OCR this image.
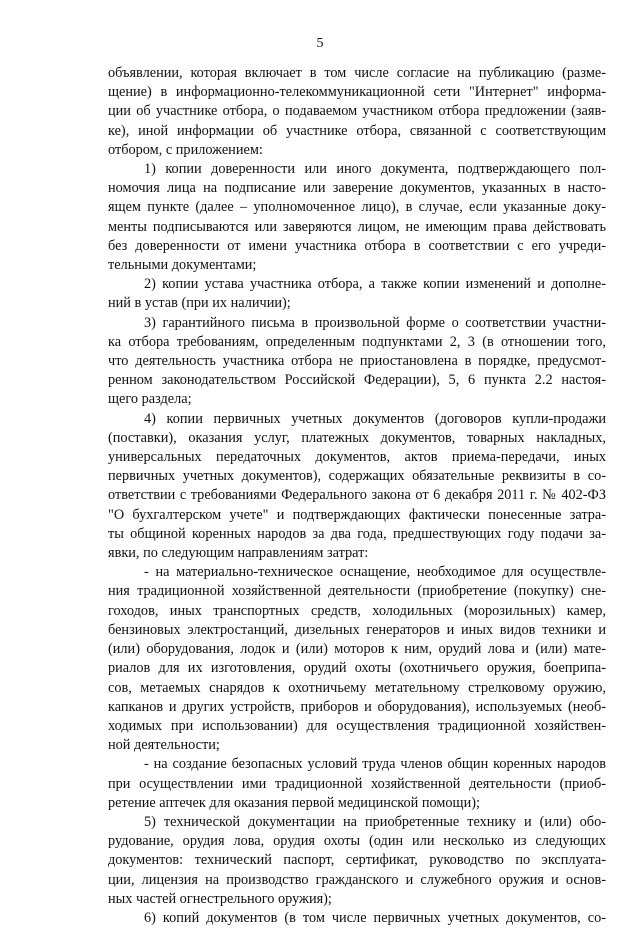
5
объявлении, которая включает в том числе согласие на публикацию (разме-
щение) в информационно-телекоммуникационной сети "Интернет" информа-
ции об участнике отбора, о подаваемом участником отбора предложении (заяв-
ке), иной информации об участнике отбора, связанной с соответствующим
отбором, с приложением:
1) копии доверенности или иного документа, подтверждающего пол-
номочия лица на подписание или заверение документов, указанных в насто-
ящем пункте (далее – уполномоченное лицо), в случае, если указанные доку-
менты подписываются или заверяются лицом, не имеющим права действовать
без доверенности от имени участника отбора в соответствии с его учреди-
тельными документами;
2) копии устава участника отбора, а также копии изменений и дополне-
ний в устав (при их наличии);
3) гарантийного письма в произвольной форме о соответствии участни-
ка отбора требованиям, определенным подпунктами 2, 3 (в отношении того,
что деятельность участника отбора не приостановлена в порядке, предусмот-
ренном законодательством Российской Федерации), 5, 6 пункта 2.2 настоя-
щего раздела;
4) копии первичных учетных документов (договоров купли-продажи
(поставки), оказания услуг, платежных документов, товарных накладных,
универсальных передаточных документов, актов приема-передачи, иных
первичных учетных документов), содержащих обязательные реквизиты в со-
ответствии с требованиями Федерального закона от 6 декабря 2011 г. № 402-ФЗ
"О бухгалтерском учете" и подтверждающих фактически понесенные затра-
ты общиной коренных народов за два года, предшествующих году подачи за-
явки, по следующим направлениям затрат:
- на материально-техническое оснащение, необходимое для осуществле-
ния традиционной хозяйственной деятельности (приобретение (покупку) сне-
гоходов, иных транспортных средств, холодильных (морозильных) камер,
бензиновых электростанций, дизельных генераторов и иных видов техники и
(или) оборудования, лодок и (или) моторов к ним, орудий лова и (или) мате-
риалов для их изготовления, орудий охоты (охотничьего оружия, боеприпа-
сов, метаемых снарядов к охотничьему метательному стрелковому оружию,
капканов и других устройств, приборов и оборудования), используемых (необ-
ходимых при использовании) для осуществления традиционной хозяйствен-
ной деятельности;
- на создание безопасных условий труда членов общин коренных народов
при осуществлении ими традиционной хозяйственной деятельности (приоб-
ретение аптечек для оказания первой медицинской помощи);
5) технической документации на приобретенные технику и (или) обо-
рудование, орудия лова, орудия охоты (один или несколько из следующих
документов: технический паспорт, сертификат, руководство по эксплуата-
ции, лицензия на производство гражданского и служебного оружия и основ-
ных частей огнестрельного оружия);
6) копий документов (в том числе первичных учетных документов, со-
